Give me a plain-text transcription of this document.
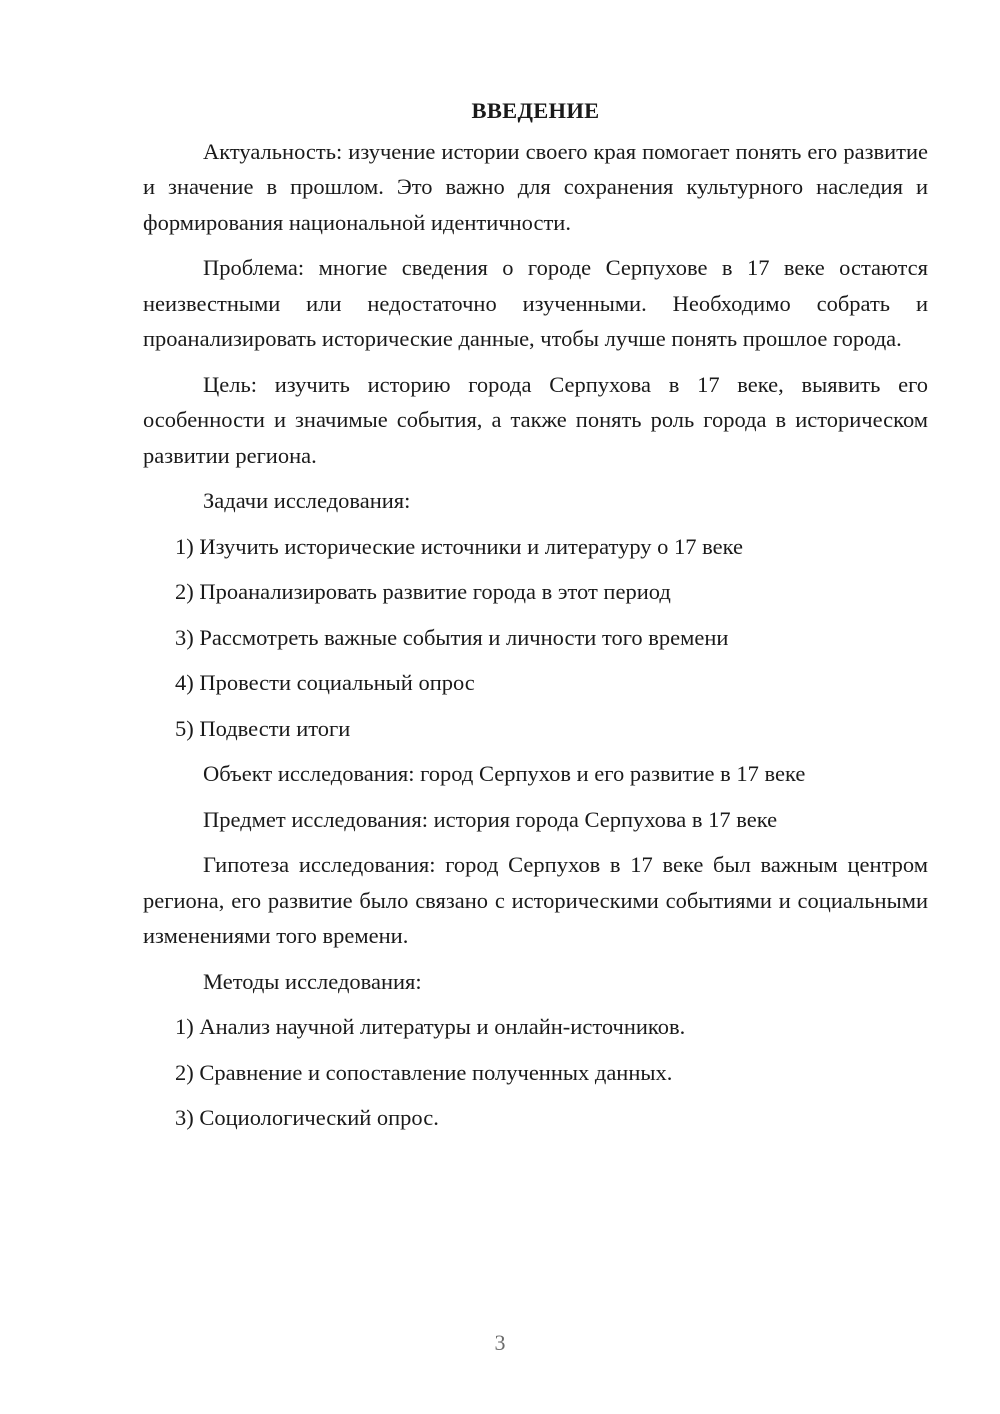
ВВЕДЕНИЕ

Актуальность: изучение истории своего края помогает понять его развитие и значение в прошлом. Это важно для сохранения культурного наследия и формирования национальной идентичности.

Проблема: многие сведения о городе Серпухове в 17 веке остаются неизвестными или недостаточно изученными. Необходимо собрать и проанализировать исторические данные, чтобы лучше понять прошлое города.

Цель: изучить историю города Серпухова в 17 веке, выявить его особенности и значимые события, а также понять роль города в историческом развитии региона.

Задачи исследования:

1) Изучить исторические источники и литературу о 17 веке
2) Проанализировать развитие города в этот период
3) Рассмотреть важные события и личности того времени
4) Провести социальный опрос
5) Подвести итоги

Объект исследования: город Серпухов и его развитие в 17 веке

Предмет исследования: история города Серпухова в 17 веке

Гипотеза исследования: город Серпухов в 17 веке был важным центром региона, его развитие было связано с историческими событиями и социальными изменениями того времени.

Методы исследования:

1) Анализ научной литературы и онлайн-источников.
2) Сравнение и сопоставление полученных данных.
3) Социологический опрос.
3
